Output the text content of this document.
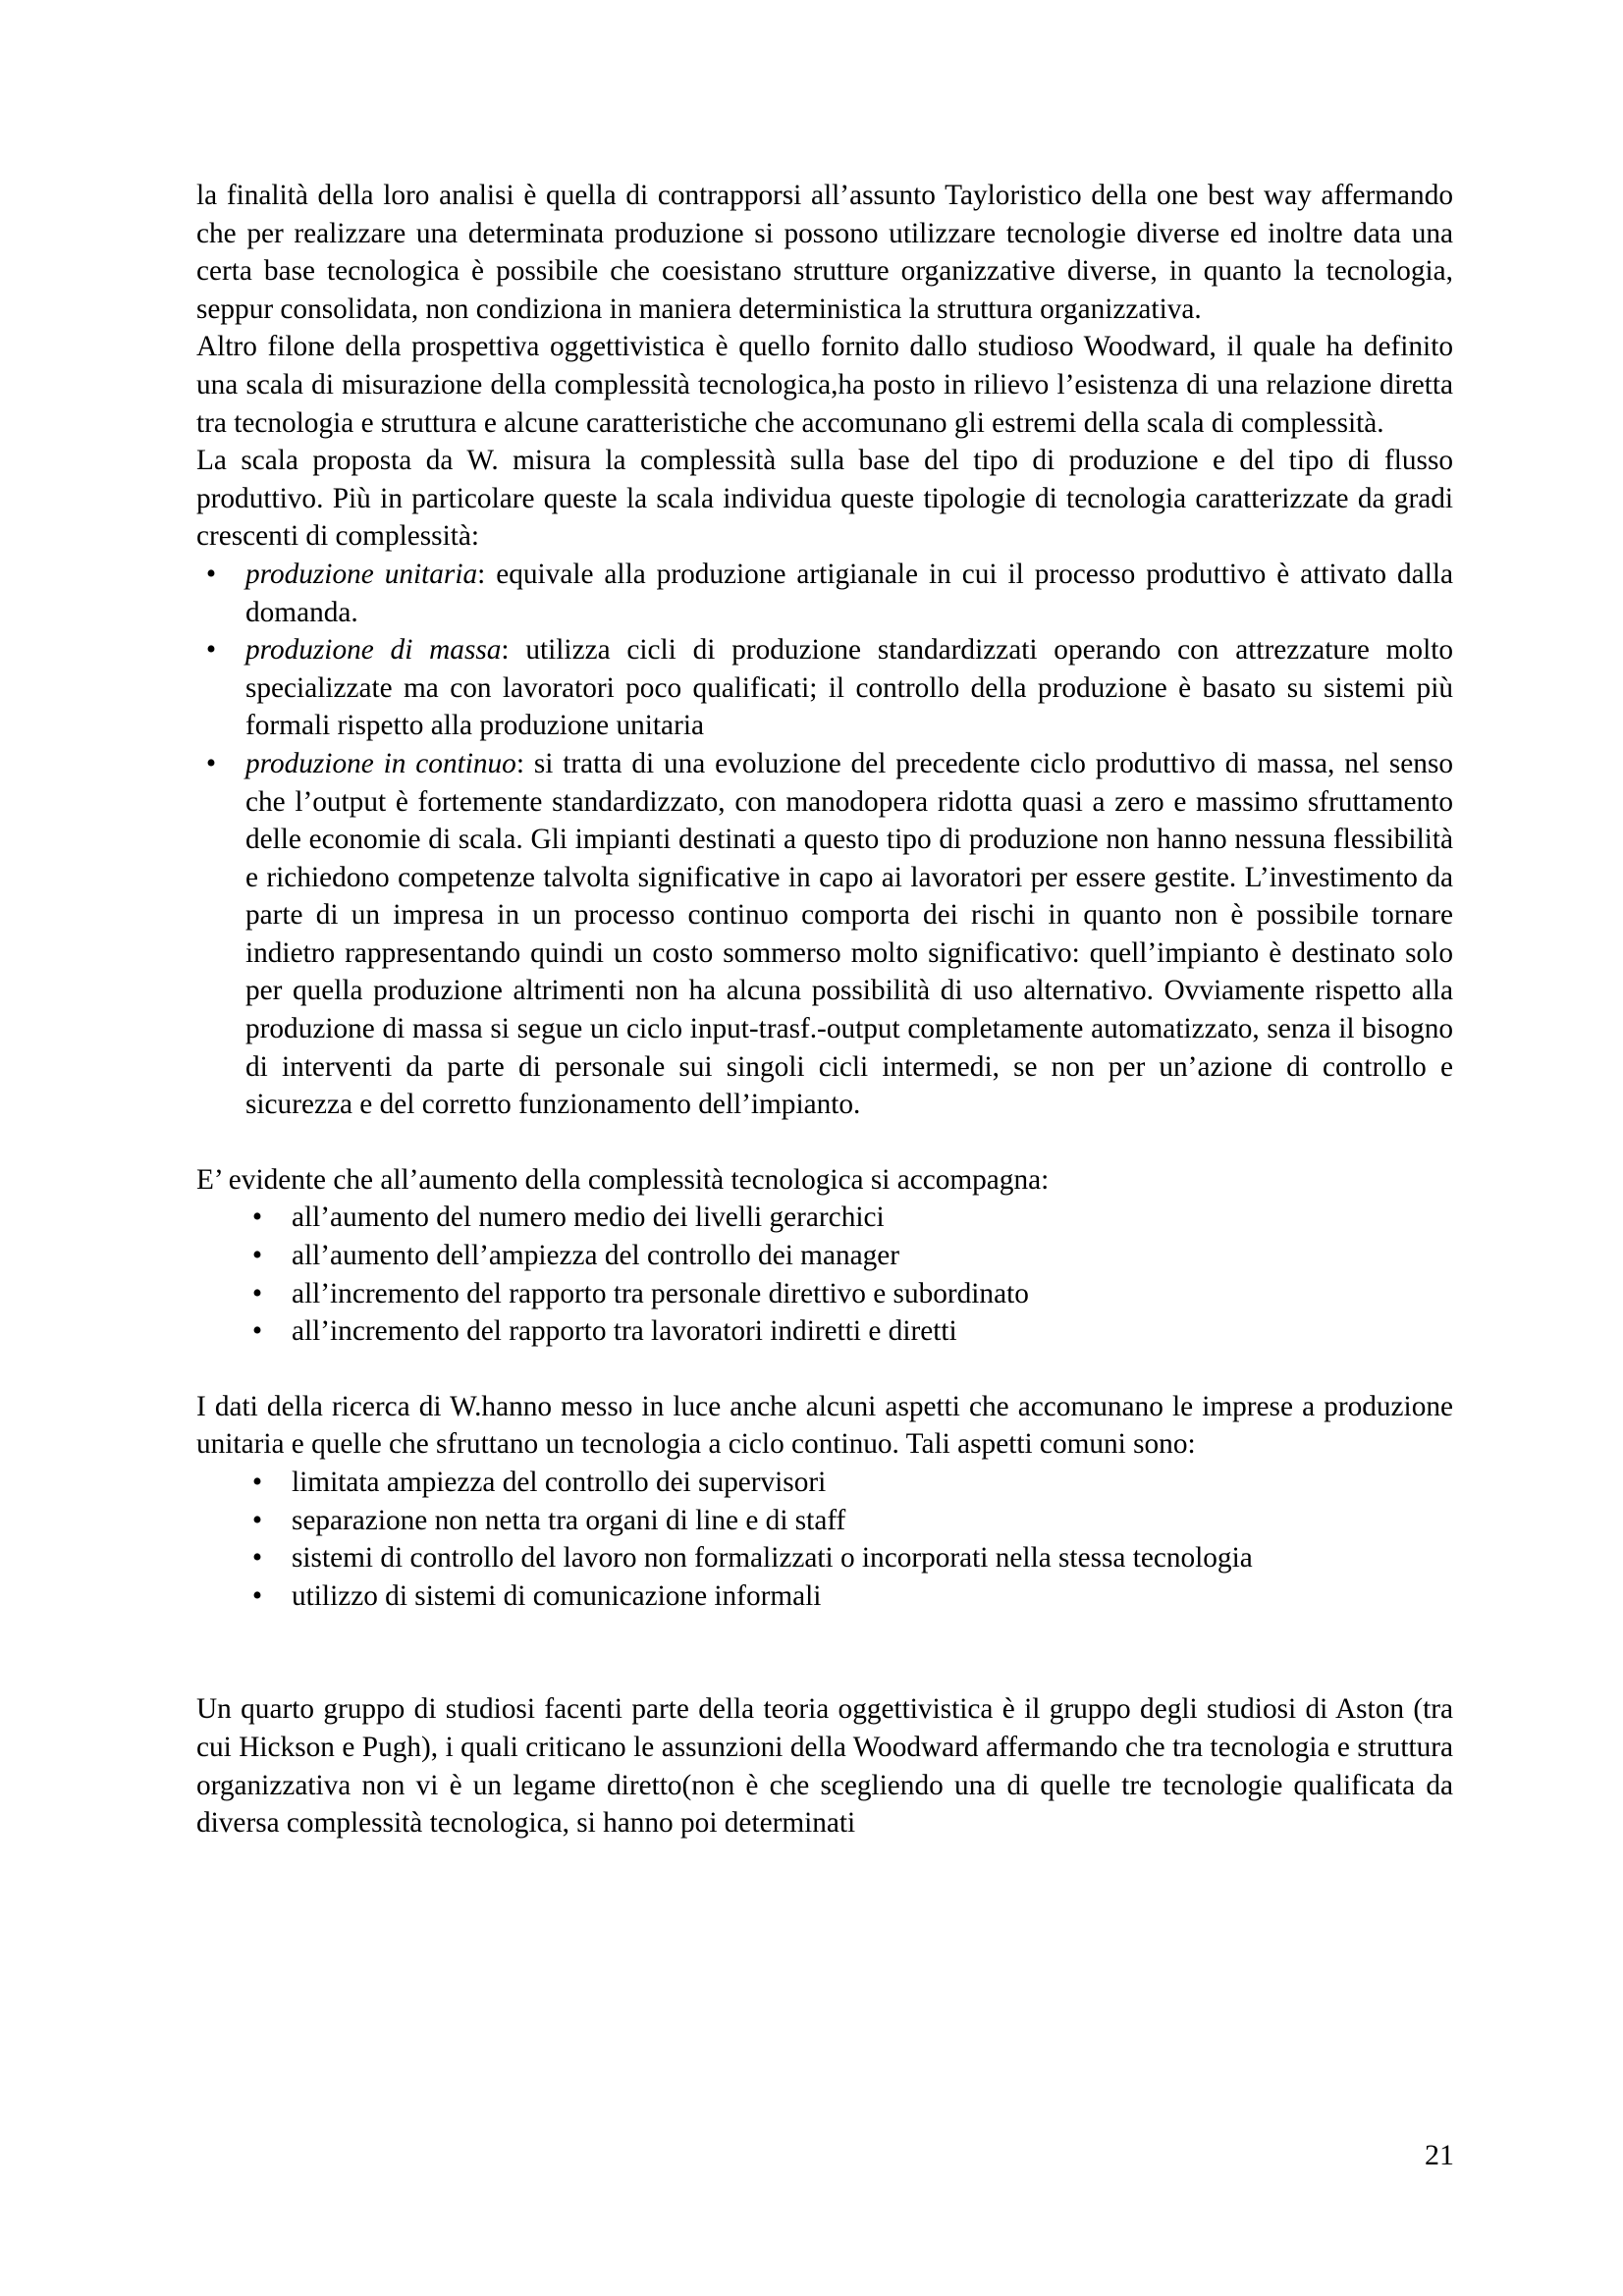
la finalità della loro analisi è quella di contrapporsi all’assunto Tayloristico della one best way affermando che per realizzare una determinata produzione si possono utilizzare tecnologie diverse ed inoltre data una certa base tecnologica è possibile che coesistano strutture organizzative diverse, in quanto la tecnologia, seppur consolidata, non condiziona in maniera deterministica la struttura organizzativa.

Altro filone della prospettiva oggettivistica è quello fornito dallo studioso Woodward, il quale ha definito una scala di misurazione della complessità tecnologica,ha posto in rilievo l’esistenza di una relazione diretta tra tecnologia e struttura e alcune caratteristiche che accomunano gli estremi della scala di complessità.

La scala proposta da W. misura la complessità sulla base del tipo di produzione e del tipo di flusso produttivo. Più in particolare queste la scala individua queste tipologie di tecnologia caratterizzate da gradi crescenti di complessità:

•	produzione unitaria: equivale alla produzione artigianale in cui il processo produttivo è attivato dalla domanda.
•	produzione di massa: utilizza cicli di produzione standardizzati operando con attrezzature molto specializzate ma con lavoratori poco qualificati; il controllo della produzione è basato su sistemi più formali rispetto alla produzione unitaria
•	produzione in continuo: si tratta di una evoluzione del precedente ciclo produttivo di massa, nel senso che l’output è fortemente standardizzato, con manodopera ridotta quasi a zero e massimo sfruttamento delle economie di scala. Gli impianti destinati a questo tipo di produzione non hanno nessuna flessibilità e richiedono competenze talvolta significative in capo ai lavoratori per essere gestite. L’investimento da parte di un impresa in un processo continuo comporta dei rischi in quanto non è possibile tornare indietro rappresentando quindi un costo sommerso molto significativo: quell’impianto è destinato solo per quella produzione altrimenti non ha alcuna possibilità di uso alternativo. Ovviamente rispetto alla produzione di massa si segue un ciclo input-trasf.-output completamente automatizzato, senza il bisogno di interventi da parte di personale sui singoli cicli intermedi, se non per un’azione di controllo e sicurezza e del corretto funzionamento dell’impianto.

E’ evidente che all’aumento della complessità tecnologica si accompagna:

•	all’aumento del numero medio dei livelli gerarchici
•	all’aumento dell’ampiezza del controllo dei manager
•	all’incremento del rapporto tra personale direttivo e subordinato
•	all’incremento del rapporto tra lavoratori indiretti e diretti

I dati della ricerca di W.hanno messo in luce anche alcuni aspetti che accomunano le imprese a produzione unitaria e quelle che sfruttano un tecnologia a ciclo continuo. Tali aspetti comuni sono:

•	limitata ampiezza del controllo dei supervisori
•	separazione non netta tra organi di line e di staff
•	sistemi di controllo del lavoro non formalizzati o incorporati nella stessa tecnologia
•	utilizzo di sistemi di comunicazione informali

Un quarto gruppo di studiosi facenti parte della teoria oggettivistica è il gruppo degli studiosi di Aston (tra cui Hickson e Pugh), i quali criticano le assunzioni della Woodward affermando che tra tecnologia e struttura organizzativa non vi è un legame diretto(non è che scegliendo una di quelle tre tecnologie qualificata da diversa complessità tecnologica, si hanno poi determinati

21
